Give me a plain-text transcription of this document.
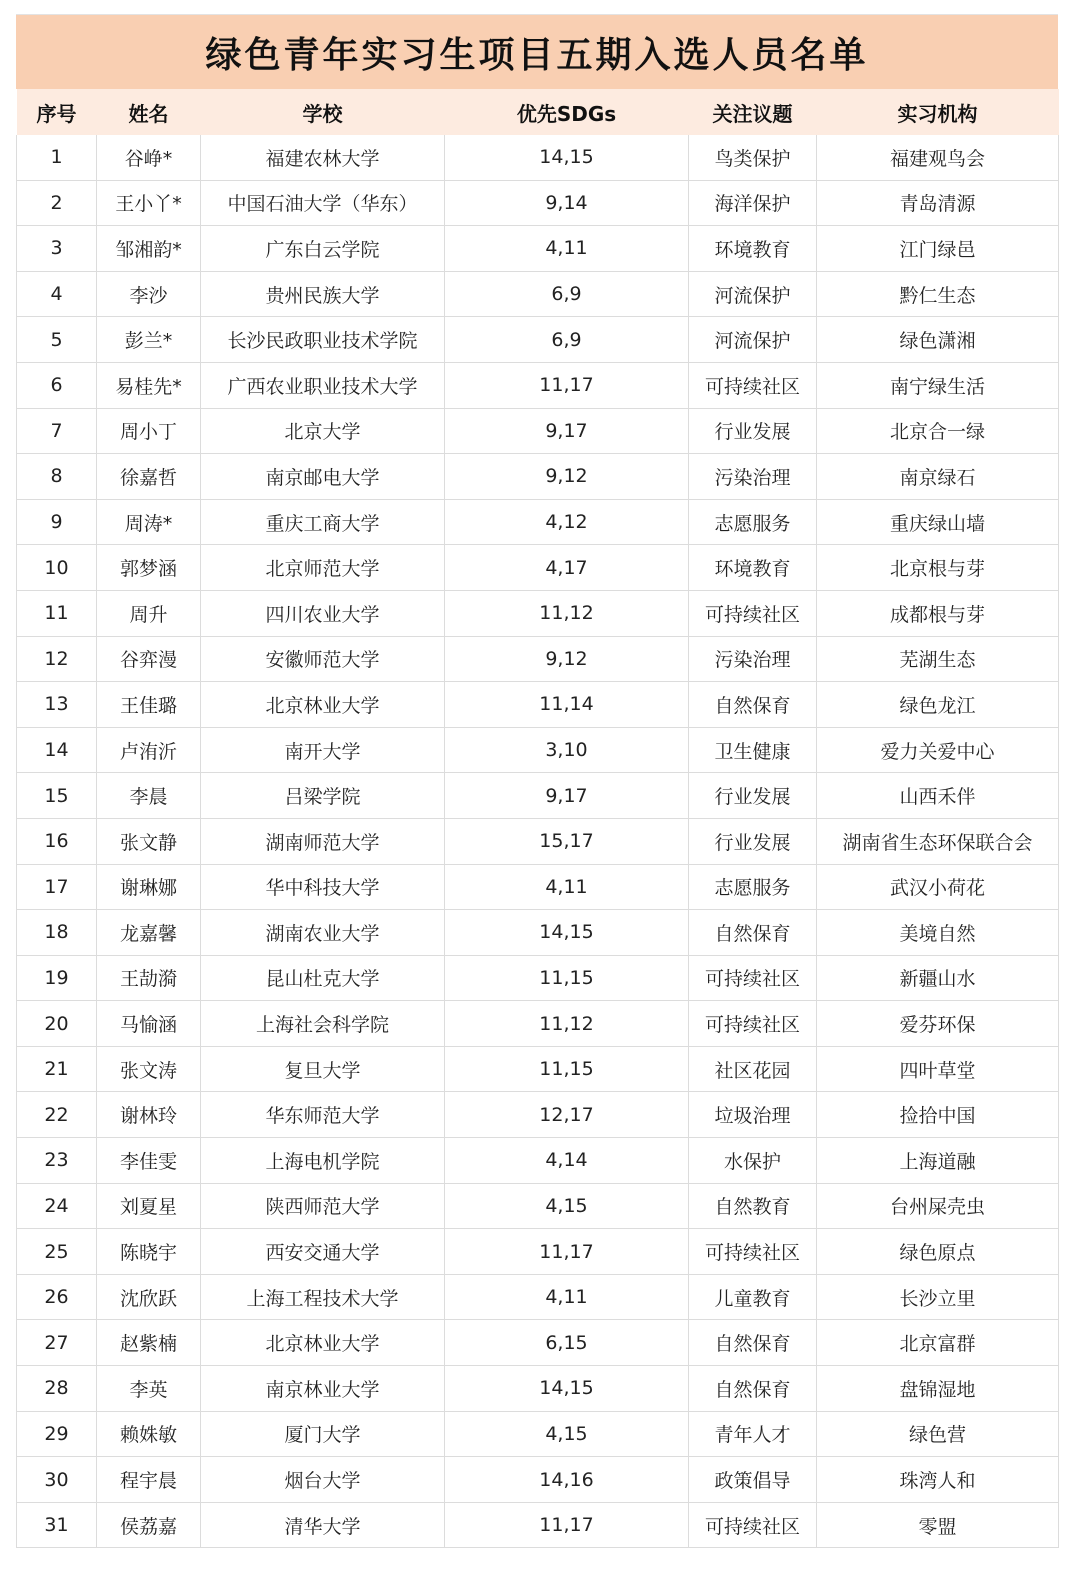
绿色青年实习生项目五期入选人员名单
序号	姓名	学校	优先SDGs	关注议题	实习机构
1	谷峥*	福建农林大学	14,15	鸟类保护	福建观鸟会
2	王小丫*	中国石油大学（华东）	9,14	海洋保护	青岛清源
3	邹湘韵*	广东白云学院	4,11	环境教育	江门绿邑
4	李沙	贵州民族大学	6,9	河流保护	黔仁生态
5	彭兰*	长沙民政职业技术学院	6,9	河流保护	绿色潇湘
6	易桂先*	广西农业职业技术大学	11,17	可持续社区	南宁绿生活
7	周小丁	北京大学	9,17	行业发展	北京合一绿
8	徐嘉哲	南京邮电大学	9,12	污染治理	南京绿石
9	周涛*	重庆工商大学	4,12	志愿服务	重庆绿山墙
10	郭梦涵	北京师范大学	4,17	环境教育	北京根与芽
11	周升	四川农业大学	11,12	可持续社区	成都根与芽
12	谷弈漫	安徽师范大学	9,12	污染治理	芜湖生态
13	王佳璐	北京林业大学	11,14	自然保育	绿色龙江
14	卢洧沂	南开大学	3,10	卫生健康	爱力关爱中心
15	李晨	吕梁学院	9,17	行业发展	山西禾伴
16	张文静	湖南师范大学	15,17	行业发展	湖南省生态环保联合会
17	谢琳娜	华中科技大学	4,11	志愿服务	武汉小荷花
18	龙嘉馨	湖南农业大学	14,15	自然保育	美境自然
19	王劼漪	昆山杜克大学	11,15	可持续社区	新疆山水
20	马愉涵	上海社会科学院	11,12	可持续社区	爱芬环保
21	张文涛	复旦大学	11,15	社区花园	四叶草堂
22	谢林玲	华东师范大学	12,17	垃圾治理	捡拾中国
23	李佳雯	上海电机学院	4,14	水保护	上海道融
24	刘夏星	陕西师范大学	4,15	自然教育	台州屎壳虫
25	陈晓宇	西安交通大学	11,17	可持续社区	绿色原点
26	沈欣跃	上海工程技术大学	4,11	儿童教育	长沙立里
27	赵紫楠	北京林业大学	6,15	自然保育	北京富群
28	李英	南京林业大学	14,15	自然保育	盘锦湿地
29	赖姝敏	厦门大学	4,15	青年人才	绿色营
30	程宇晨	烟台大学	14,16	政策倡导	珠湾人和
31	侯荔嘉	清华大学	11,17	可持续社区	零盟
